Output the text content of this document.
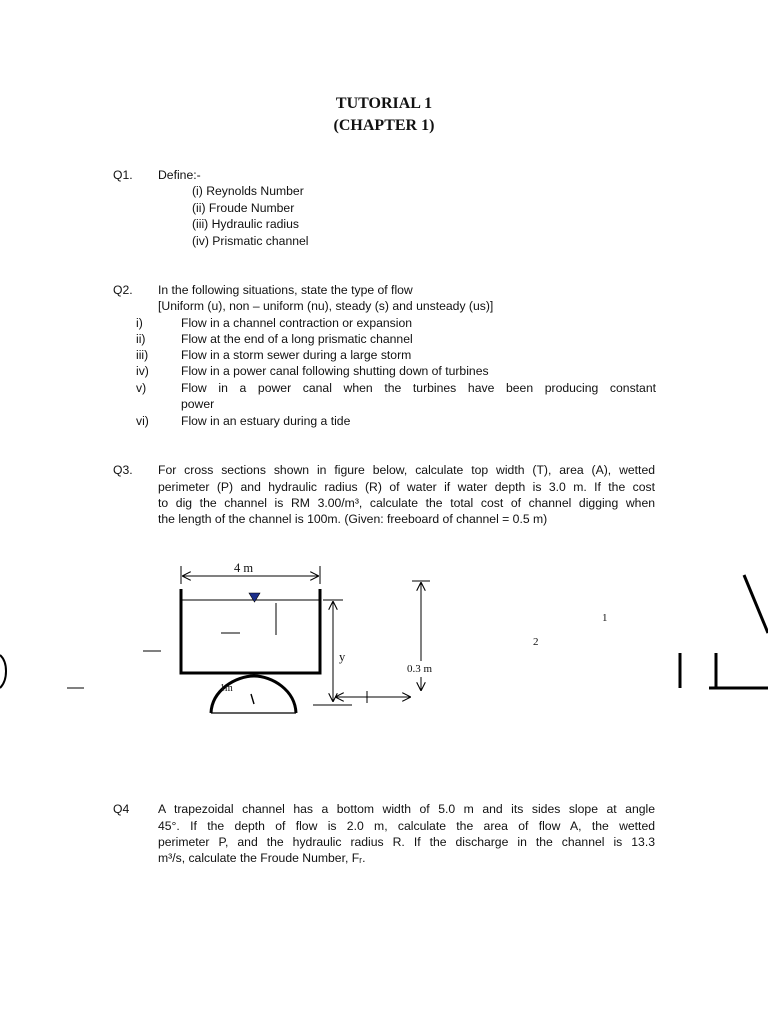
TUTORIAL 1
(CHAPTER 1)
Q1. Define:-
(i) Reynolds Number
(ii) Froude Number
(iii) Hydraulic radius
(iv) Prismatic channel
Q2. In the following situations, state the type of flow
[Uniform (u), non – uniform (nu), steady (s) and unsteady (us)]
i)	Flow in a channel contraction or expansion
ii)	Flow at the end of a long prismatic channel
iii)	Flow in a storm sewer during a large storm
iv)	Flow in a power canal following shutting down of turbines
v)	Flow in a power canal when the turbines have been producing constant
power
vi)	Flow in an estuary during a tide
Q3. For cross sections shown in figure below, calculate top width (T), area (A), wetted
perimeter (P) and hydraulic radius (R) of water if water depth is 3.0 m. If the cost
to dig the channel is RM 3.00/m³, calculate the total cost of channel digging when
the length of the channel is 100m. (Given: freeboard of channel = 0.5 m)
4 m
y
0.3 m
1m
1
2
Q4 A trapezoidal channel has a bottom width of 5.0 m and its sides slope at angle
45°. If the depth of flow is 2.0 m, calculate the area of flow A, the wetted
perimeter P, and the hydraulic radius R. If the discharge in the channel is 13.3
m³/s, calculate the Froude Number, Fᵣ.
